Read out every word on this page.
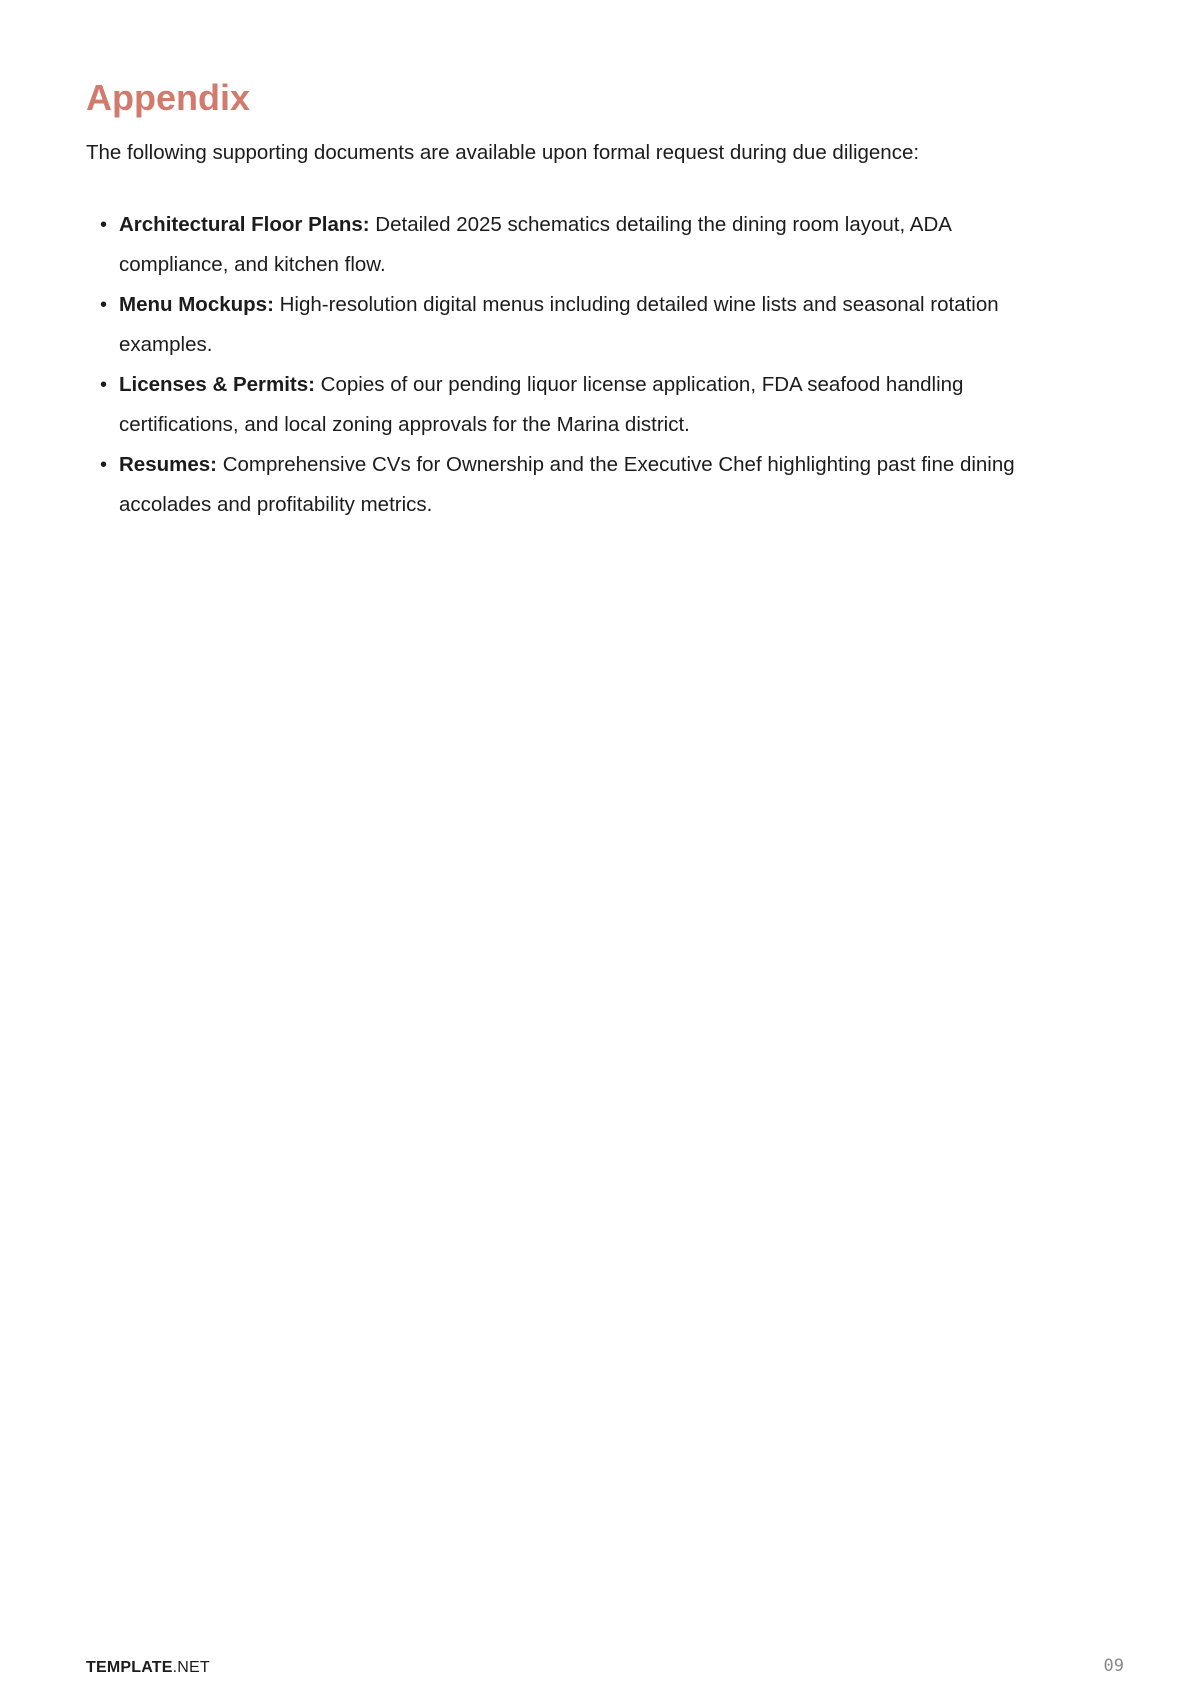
Appendix

The following supporting documents are available upon formal request during due diligence:

• Architectural Floor Plans: Detailed 2025 schematics detailing the dining room layout, ADA compliance, and kitchen flow.
• Menu Mockups: High-resolution digital menus including detailed wine lists and seasonal rotation examples.
• Licenses & Permits: Copies of our pending liquor license application, FDA seafood handling certifications, and local zoning approvals for the Marina district.
• Resumes: Comprehensive CVs for Ownership and the Executive Chef highlighting past fine dining accolades and profitability metrics.
TEMPLATE.NET	09
